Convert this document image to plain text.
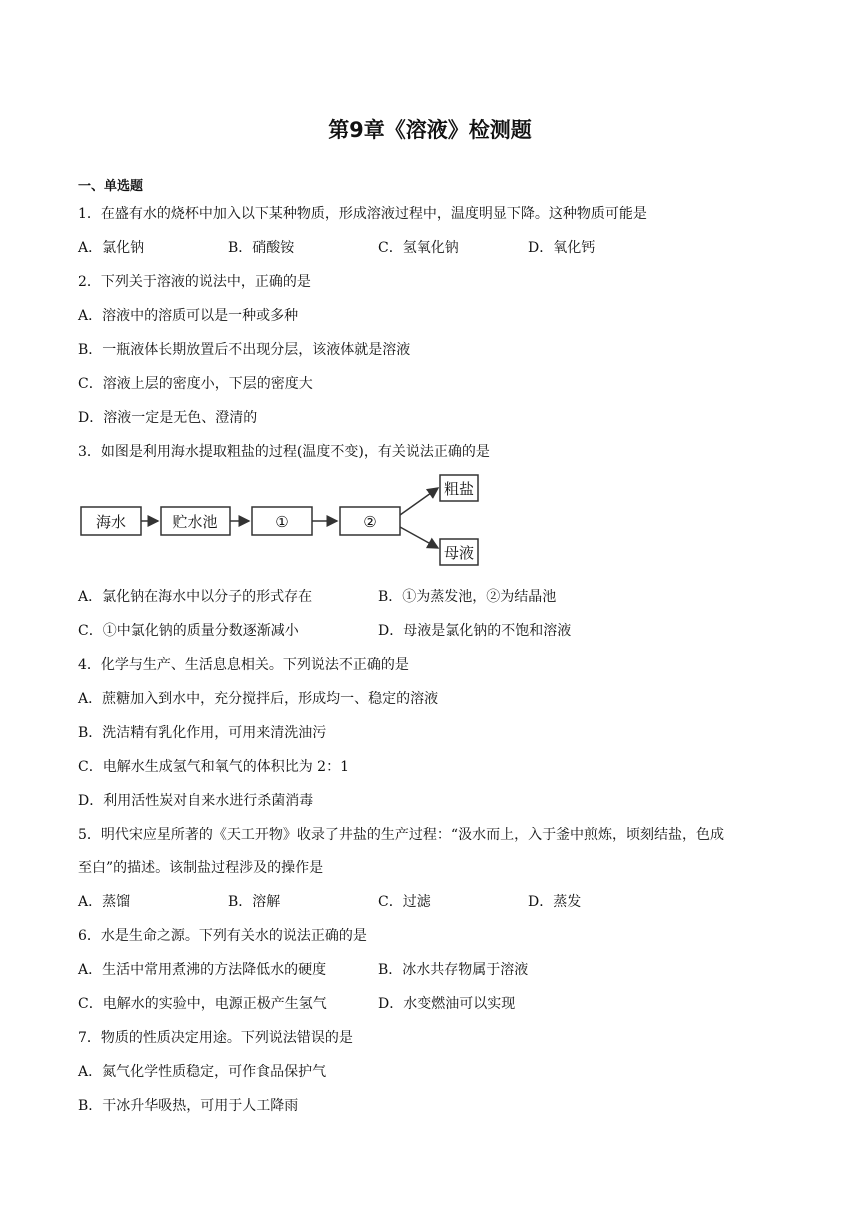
第9章《溶液》检测题
一、单选题
1．在盛有水的烧杯中加入以下某种物质，形成溶液过程中，温度明显下降。这种物质可能是
A．氯化钠	B．硝酸铵	C．氢氧化钠	D．氧化钙
2．下列关于溶液的说法中，正确的是
A．溶液中的溶质可以是一种或多种
B．一瓶液体长期放置后不出现分层，该液体就是溶液
C．溶液上层的密度小，下层的密度大
D．溶液一定是无色、澄清的
3．如图是利用海水提取粗盐的过程(温度不变)，有关说法正确的是
海水	贮水池	①	②
粗盐
母液
A．氯化钠在海水中以分子的形式存在	B．①为蒸发池，②为结晶池
C．①中氯化钠的质量分数逐渐减小	D．母液是氯化钠的不饱和溶液
4．化学与生产、生活息息相关。下列说法不正确的是
A．蔗糖加入到水中，充分搅拌后，形成均一、稳定的溶液
B．洗洁精有乳化作用，可用来清洗油污
C．电解水生成氢气和氧气的体积比为 2：1
D．利用活性炭对自来水进行杀菌消毒
5．明代宋应星所著的《天工开物》收录了井盐的生产过程：“汲水而上，入于釜中煎炼，顷刻结盐，色成
至白”的描述。该制盐过程涉及的操作是
A．蒸馏	B．溶解	C．过滤	D．蒸发
6．水是生命之源。下列有关水的说法正确的是
A．生活中常用煮沸的方法降低水的硬度	B．冰水共存物属于溶液
C．电解水的实验中，电源正极产生氢气	D．水变燃油可以实现
7．物质的性质决定用途。下列说法错误的是
A．氮气化学性质稳定，可作食品保护气
B．干冰升华吸热，可用于人工降雨
